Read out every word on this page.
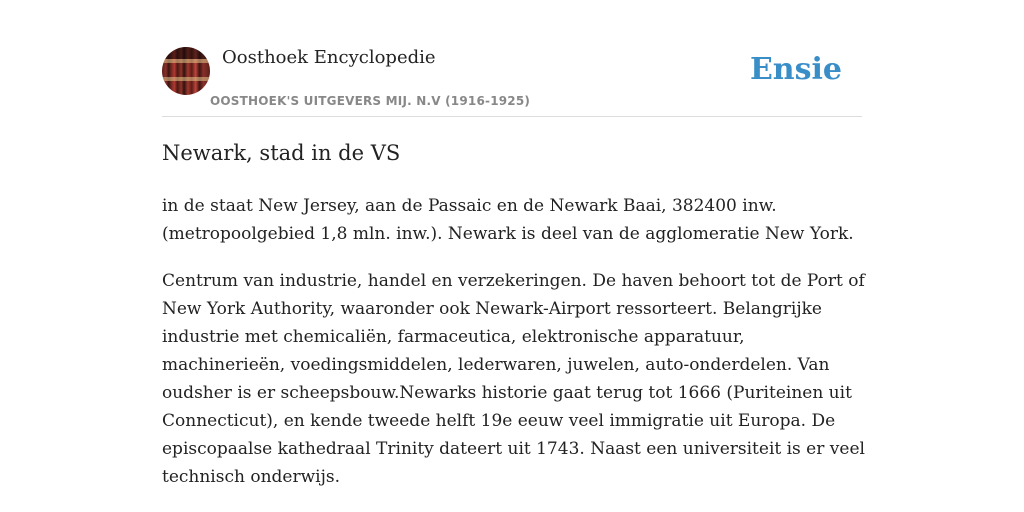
Oosthoek Encyclopedie
OOSTHOEK'S UITGEVERS MIJ. N.V (1916-1925)
Ensie
Newark, stad in de VS

in de staat New Jersey, aan de Passaic en de Newark Baai, 382400 inw. (metropoolgebied 1,8 mln. inw.). Newark is deel van de agglomeratie New York.

Centrum van industrie, handel en verzekeringen. De haven behoort tot de Port of New York Authority, waaronder ook Newark-Airport ressorteert. Belangrijke industrie met chemicaliën, farmaceutica, elektronische apparatuur, machinerieën, voedingsmiddelen, lederwaren, juwelen, auto-onderdelen. Van oudsher is er scheepsbouw.Newarks historie gaat terug tot 1666 (Puriteinen uit Connecticut), en kende tweede helft 19e eeuw veel immigratie uit Europa. De episcopaalse kathedraal Trinity dateert uit 1743. Naast een universiteit is er veel technisch onderwijs.
